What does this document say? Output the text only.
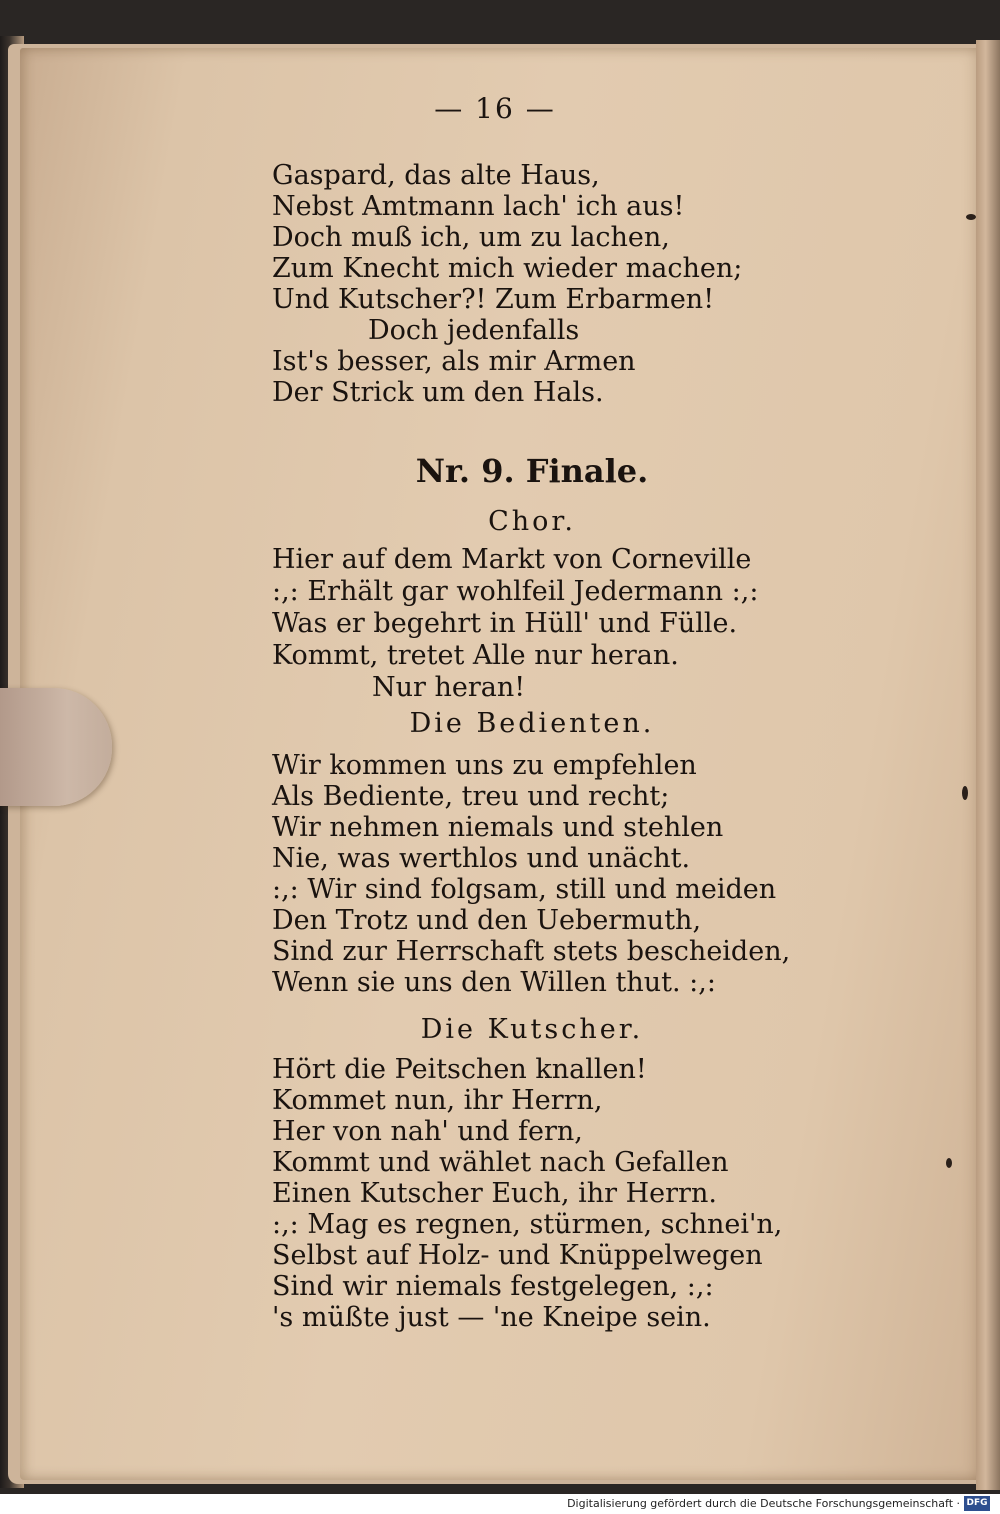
— 16 —
Gaspard, das alte Haus,
Nebst Amtmann lach' ich aus!
Doch muß ich, um zu lachen,
Zum Knecht mich wieder machen;
Und Kutscher?! Zum Erbarmen!
Doch jedenfalls
Ist's besser, als mir Armen
Der Strick um den Hals.
Nr. 9. Finale.
Chor.
Hier auf dem Markt von Corneville
:,: Erhält gar wohlfeil Jedermann :,:
Was er begehrt in Hüll' und Fülle.
Kommt, tretet Alle nur heran.
Nur heran!
Die Bedienten.
Wir kommen uns zu empfehlen
Als Bediente, treu und recht;
Wir nehmen niemals und stehlen
Nie, was werthlos und unächt.
:,: Wir sind folgsam, still und meiden
Den Trotz und den Uebermuth,
Sind zur Herrschaft stets bescheiden,
Wenn sie uns den Willen thut. :,:
Die Kutscher.
Hört die Peitschen knallen!
Kommet nun, ihr Herrn,
Her von nah' und fern,
Kommt und wählet nach Gefallen
Einen Kutscher Euch, ihr Herrn.
:,: Mag es regnen, stürmen, schnei'n,
Selbst auf Holz- und Knüppelwegen
Sind wir niemals festgelegen, :,:
's müßte just — 'ne Kneipe sein.
Digitalisierung gefördert durch die Deutsche Forschungsgemeinschaft · DFG
